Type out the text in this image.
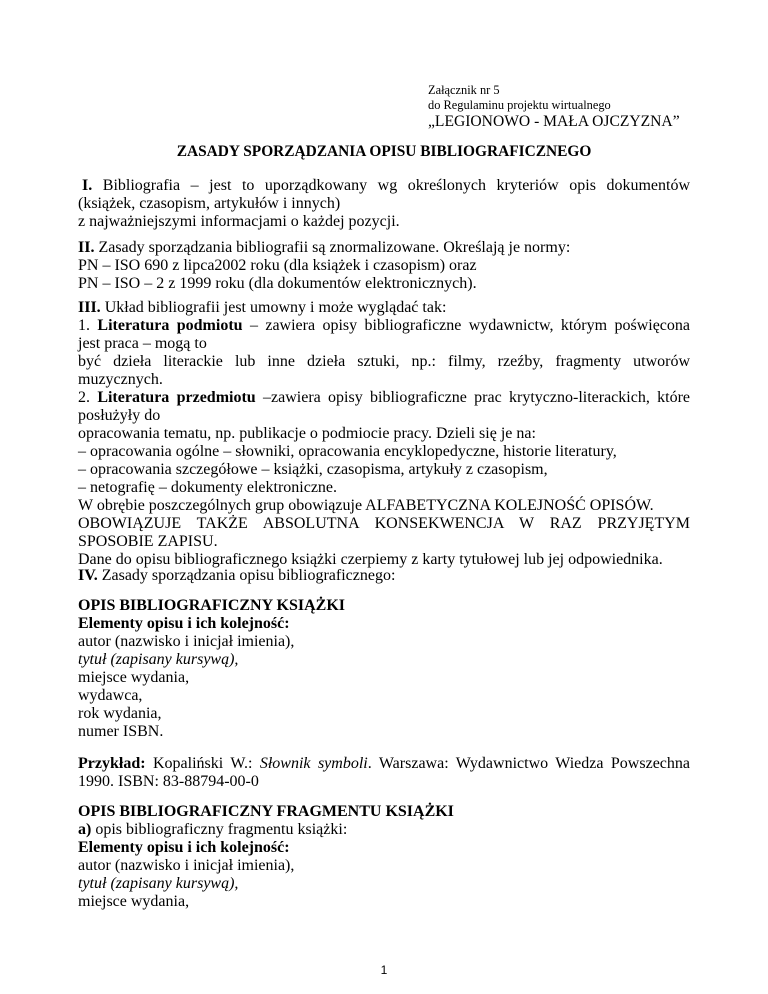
Załącznik nr 5
do Regulaminu projektu wirtualnego
„LEGIONOWO - MAŁA OJCZYZNA”
ZASADY SPORZĄDZANIA OPISU BIBLIOGRAFICZNEGO
I. Bibliografia – jest to uporządkowany wg określonych kryteriów opis dokumentów
(książek, czasopism, artykułów i innych)
z najważniejszymi informacjami o każdej pozycji.
II. Zasady sporządzania bibliografii są znormalizowane. Określają je normy:
PN – ISO 690 z lipca2002 roku (dla książek i czasopism) oraz
PN – ISO – 2 z 1999 roku (dla dokumentów elektronicznych).
III. Układ bibliografii jest umowny i może wyglądać tak:
1. Literatura podmiotu – zawiera opisy bibliograficzne wydawnictw, którym poświęcona
jest praca – mogą to
być dzieła literackie lub inne dzieła sztuki, np.: filmy, rzeźby, fragmenty utworów
muzycznych.
2. Literatura przedmiotu –zawiera opisy bibliograficzne prac krytyczno-literackich, które
posłużyły do
opracowania tematu, np. publikacje o podmiocie pracy. Dzieli się je na:
– opracowania ogólne – słowniki, opracowania encyklopedyczne, historie literatury,
– opracowania szczegółowe – książki, czasopisma, artykuły z czasopism,
– netografię – dokumenty elektroniczne.
W obrębie poszczególnych grup obowiązuje ALFABETYCZNA KOLEJNOŚĆ OPISÓW.
OBOWIĄZUJE TAKŻE ABSOLUTNA KONSEKWENCJA W RAZ PRZYJĘTYM
SPOSOBIE ZAPISU.
Dane do opisu bibliograficznego książki czerpiemy z karty tytułowej lub jej odpowiednika.
IV. Zasady sporządzania opisu bibliograficznego:
OPIS BIBLIOGRAFICZNY KSIĄŻKI
Elementy opisu i ich kolejność:
autor (nazwisko i inicjał imienia),
tytuł (zapisany kursywą),
miejsce wydania,
wydawca,
rok wydania,
numer ISBN.
Przykład: Kopaliński W.: Słownik symboli. Warszawa: Wydawnictwo Wiedza Powszechna
1990. ISBN: 83-88794-00-0
OPIS BIBLIOGRAFICZNY FRAGMENTU KSIĄŻKI
a) opis bibliograficzny fragmentu książki:
Elementy opisu i ich kolejność:
autor (nazwisko i inicjał imienia),
tytuł (zapisany kursywą),
miejsce wydania,
1
